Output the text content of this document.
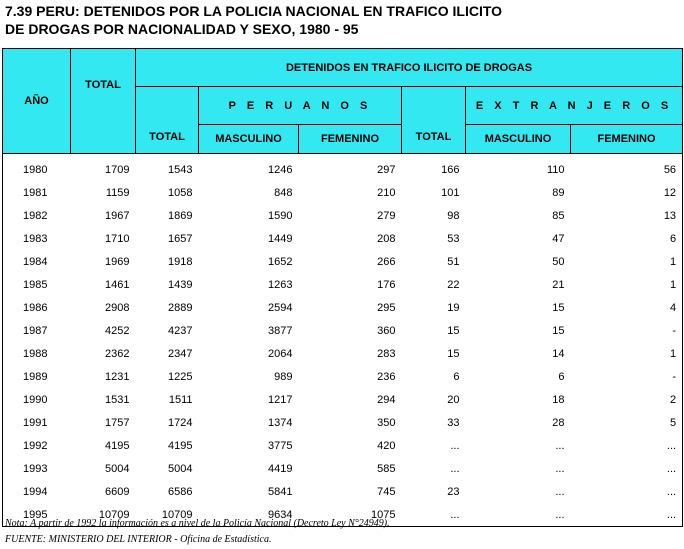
7.39 PERU: DETENIDOS POR LA POLICIA NACIONAL EN TRAFICO ILICITO
DE DROGAS POR NACIONALIDAD Y SEXO, 1980 - 95
AÑO	TOTAL	DETENIDOS EN TRAFICO ILICITO DE DROGAS					
		TOTAL	P E R U A N O S		TOTAL	E X T R A N J E R O S	
			MASCULINO	FEMENINO		MASCULINO	FEMENINO
1980	1709	1543	1246	297	166	110	56
1981	1159	1058	848	210	101	89	12
1982	1967	1869	1590	279	98	85	13
1983	1710	1657	1449	208	53	47	6
1984	1969	1918	1652	266	51	50	1
1985	1461	1439	1263	176	22	21	1
1986	2908	2889	2594	295	19	15	4
1987	4252	4237	3877	360	15	15	-
1988	2362	2347	2064	283	15	14	1
1989	1231	1225	989	236	6	6	-
1990	1531	1511	1217	294	20	18	2
1991	1757	1724	1374	350	33	28	5
1992	4195	4195	3775	420	...	...	...
1993	5004	5004	4419	585	...	...	...
1994	6609	6586	5841	745	23	...	...
1995	10709	10709	9634	1075	...	...	...
Nota: A partir de 1992 la información es a nivel de la Policía Nacional (Decreto Ley N°24949).
FUENTE: MINISTERIO DEL INTERIOR - Oficina de Estadística.
